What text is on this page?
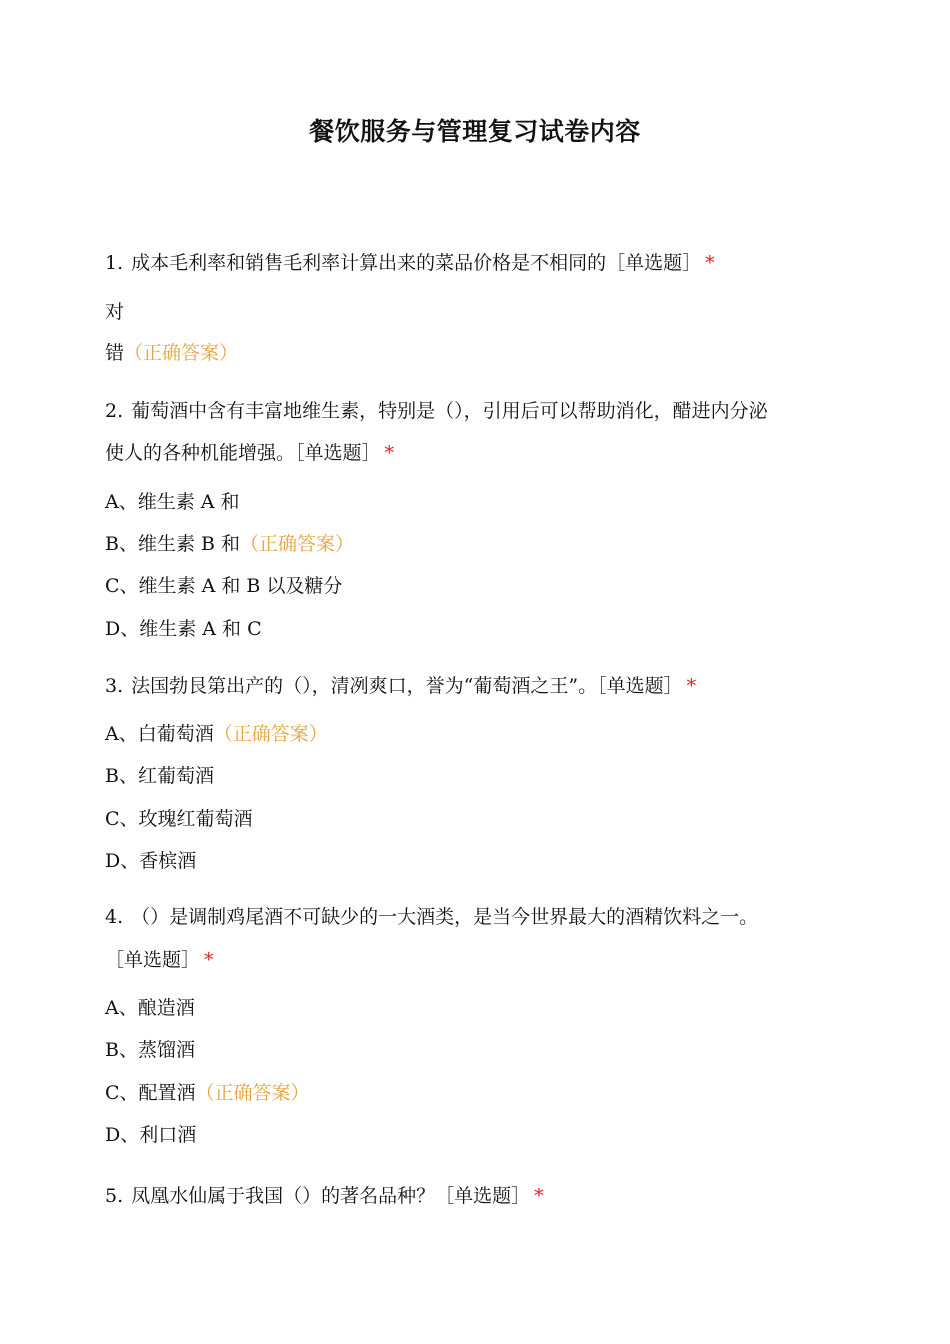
餐饮服务与管理复习试卷内容
1. 成本毛利率和销售毛利率计算出来的菜品价格是不相同的［单选题］ *
对
错（正确答案）
2. 葡萄酒中含有丰富地维生素，特别是（），引用后可以帮助消化，醋进内分泌
使人的各种机能增强。［单选题］ *
A、维生素 A 和
B、维生素 B 和（正确答案）
C、维生素 A 和 B 以及糖分
D、维生素 A 和 C
3. 法国勃艮第出产的（），清冽爽口，誉为“葡萄酒之王”。［单选题］ *
A、白葡萄酒（正确答案）
B、红葡萄酒
C、玫瑰红葡萄酒
D、香槟酒
4. （）是调制鸡尾酒不可缺少的一大酒类，是当今世界最大的酒精饮料之一。
［单选题］ *
A、酿造酒
B、蒸馏酒
C、配置酒（正确答案）
D、利口酒
5. 凤凰水仙属于我国（）的著名品种？［单选题］ *
